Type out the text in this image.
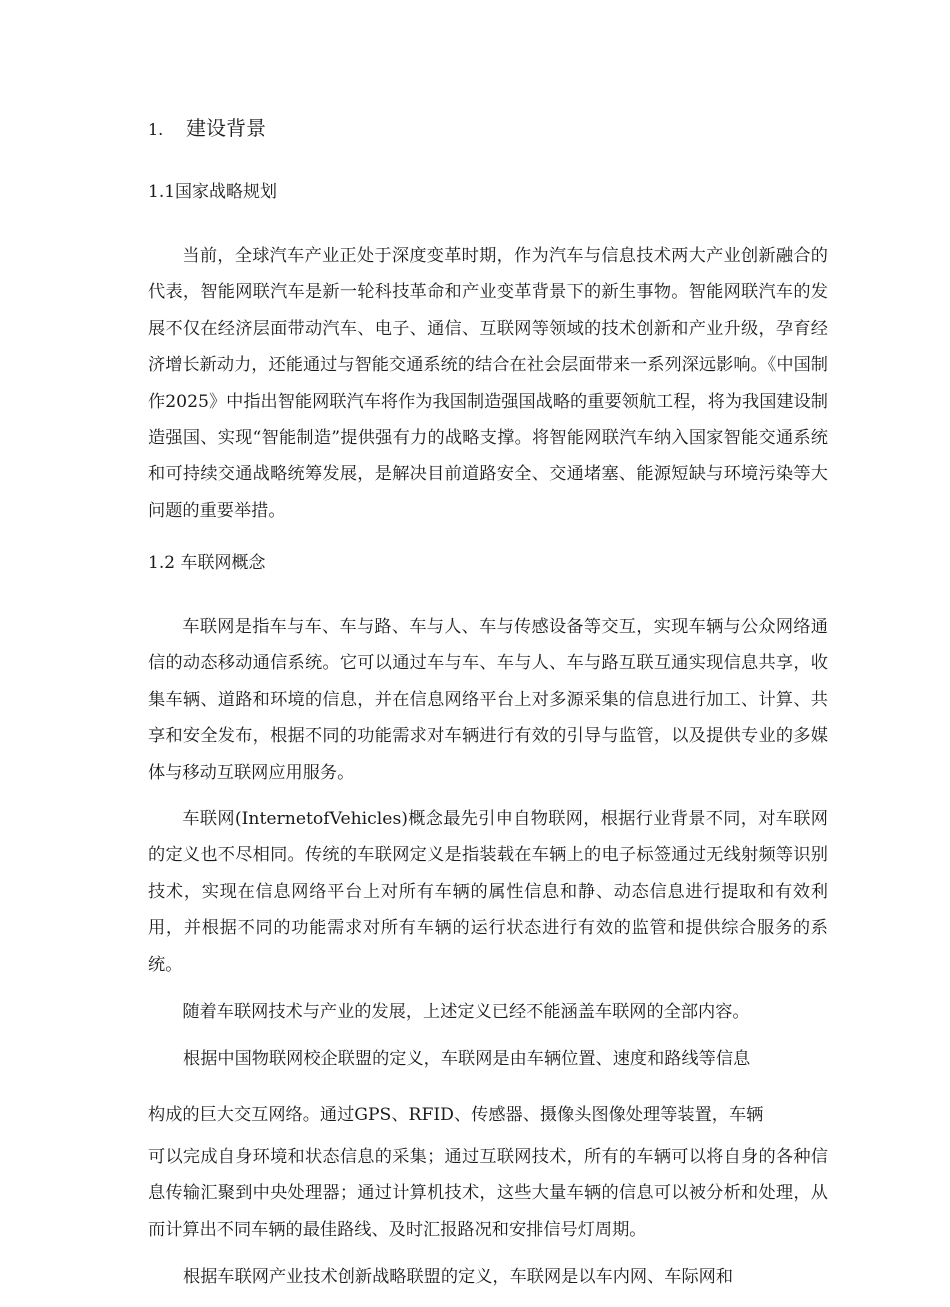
1. 建设背景
1.1国家战略规划

当前，全球汽车产业正处于深度变革时期，作为汽车与信息技术两大产业创新融合的代表，智能网联汽车是新一轮科技革命和产业变革背景下的新生事物。智能网联汽车的发展不仅在经济层面带动汽车、电子、通信、互联网等领域的技术创新和产业升级，孕育经济增长新动力，还能通过与智能交通系统的结合在社会层面带来一系列深远影响。《中国制作2025》中指出智能网联汽车将作为我国制造强国战略的重要领航工程，将为我国建设制造强国、实现“智能制造”提供强有力的战略支撑。将智能网联汽车纳入国家智能交通系统和可持续交通战略统筹发展，是解决目前道路安全、交通堵塞、能源短缺与环境污染等大问题的重要举措。

1.2 车联网概念

车联网是指车与车、车与路、车与人、车与传感设备等交互，实现车辆与公众网络通信的动态移动通信系统。它可以通过车与车、车与人、车与路互联互通实现信息共享，收集车辆、道路和环境的信息，并在信息网络平台上对多源采集的信息进行加工、计算、共享和安全发布，根据不同的功能需求对车辆进行有效的引导与监管，以及提供专业的多媒体与移动互联网应用服务。

车联网(InternetofVehicles)概念最先引申自物联网，根据行业背景不同，对车联网的定义也不尽相同。传统的车联网定义是指装载在车辆上的电子标签通过无线射频等识别技术，实现在信息网络平台上对所有车辆的属性信息和静、动态信息进行提取和有效利用，并根据不同的功能需求对所有车辆的运行状态进行有效的监管和提供综合服务的系统。

随着车联网技术与产业的发展，上述定义已经不能涵盖车联网的全部内容。

根据中国物联网校企联盟的定义，车联网是由车辆位置、速度和路线等信息
构成的巨大交互网络。通过GPS、RFID、传感器、摄像头图像处理等装置，车辆

可以完成自身环境和状态信息的采集；通过互联网技术，所有的车辆可以将自身的各种信息传输汇聚到中央处理器；通过计算机技术，这些大量车辆的信息可以被分析和处理，从而计算出不同车辆的最佳路线、及时汇报路况和安排信号灯周期。

根据车联网产业技术创新战略联盟的定义，车联网是以车内网、车际网和
